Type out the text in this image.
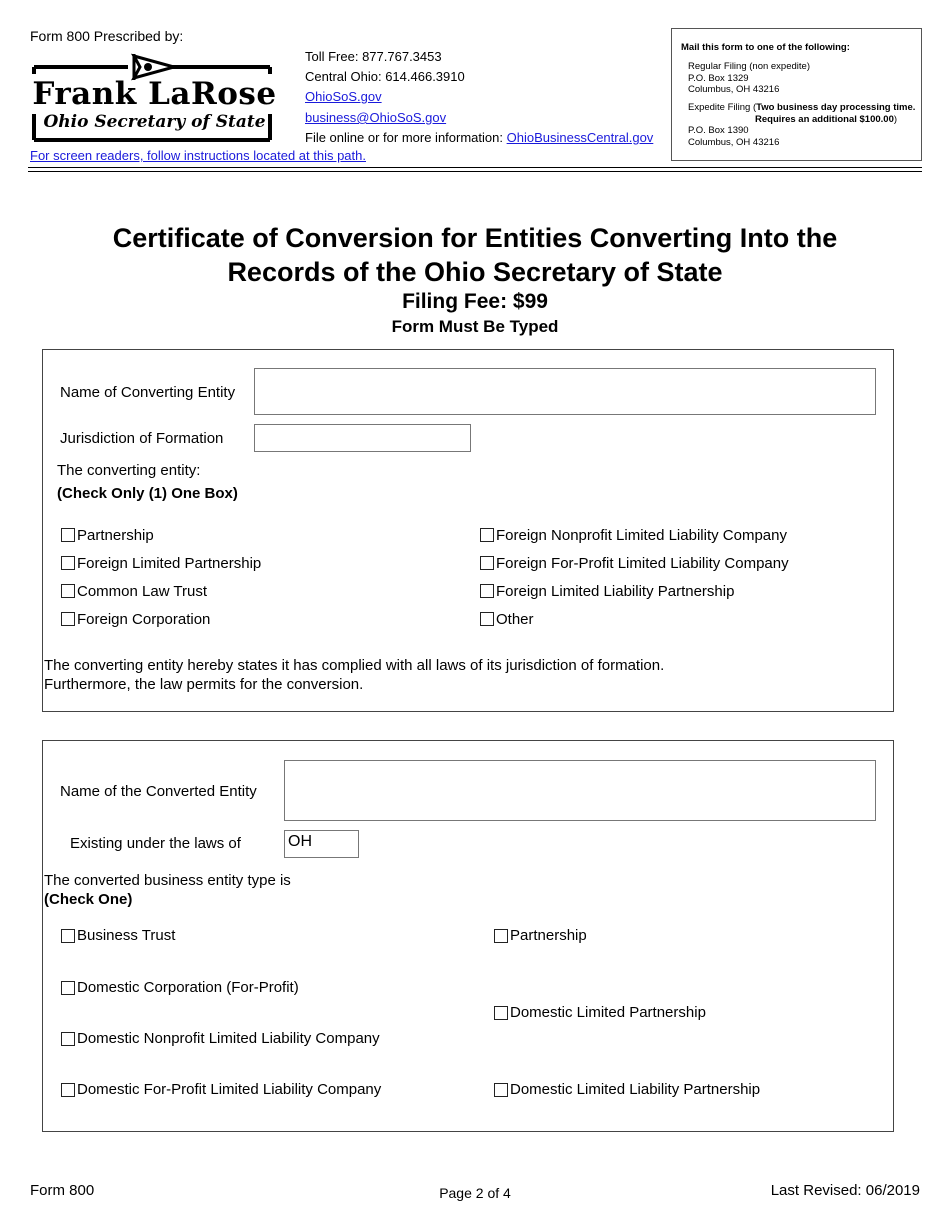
Form 800 Prescribed by:
Frank LaRose
Ohio Secretary of State
For screen readers, follow instructions located at this path.
Toll Free: 877.767.3453
Central Ohio: 614.466.3910
OhioSoS.gov
business@OhioSoS.gov
File online or for more information: OhioBusinessCentral.gov
Mail this form to one of the following:
Regular Filing (non expedite)
P.O. Box 1329
Columbus, OH 43216
Expedite Filing (Two business day processing time.
Requires an additional $100.00)
P.O. Box 1390
Columbus, OH 43216
Certificate of Conversion for Entities Converting Into the
Records of the Ohio Secretary of State
Filing Fee: $99
Form Must Be Typed
Name of Converting Entity
Jurisdiction of Formation
The converting entity:
(Check Only (1) One Box)
Partnership
Foreign Limited Partnership
Common Law Trust
Foreign Corporation
Foreign Nonprofit Limited Liability Company
Foreign For-Profit Limited Liability Company
Foreign Limited Liability Partnership
Other
The converting entity hereby states it has complied with all laws of its jurisdiction of formation.
Furthermore, the law permits for the conversion.
Name of the Converted Entity
Existing under the laws of	OH
The converted business entity type is
(Check One)
Business Trust
Domestic Corporation (For-Profit)
Domestic Nonprofit Limited Liability Company
Domestic For-Profit Limited Liability Company
Partnership
Domestic Limited Partnership
Domestic Limited Liability Partnership
Form 800	Page 2 of 4	Last Revised: 06/2019
